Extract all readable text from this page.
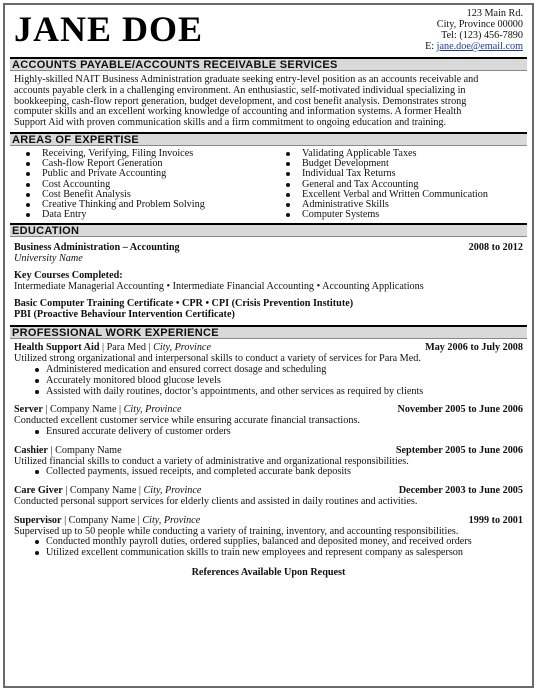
JANE DOE	123 Main Rd.
City, Province 00000
Tel: (123) 456-7890
E: jane.doe@email.com
ACCOUNTS PAYABLE/ACCOUNTS RECEIVABLE SERVICES
Highly-skilled NAIT Business Administration graduate seeking entry-level position as an accounts receivable and
accounts payable clerk in a challenging environment. An enthusiastic, self-motivated individual specializing in
bookkeeping, cash-flow report generation, budget development, and cost benefit analysis. Demonstrates strong
computer skills and an excellent working knowledge of accounting and information systems. A former Health
Support Aid with proven communication skills and a firm commitment to ongoing education and training.
AREAS OF EXPERTISE
Receiving, Verifying, Filing Invoices
Cash-flow Report Generation
Public and Private Accounting
Cost Accounting
Cost Benefit Analysis
Creative Thinking and Problem Solving
Data Entry
Validating Applicable Taxes
Budget Development
Individual Tax Returns
General and Tax Accounting
Excellent Verbal and Written Communication
Administrative Skills
Computer Systems
EDUCATION
Business Administration – Accounting	2008 to 2012
University Name
Key Courses Completed:
Intermediate Managerial Accounting • Intermediate Financial Accounting • Accounting Applications
Basic Computer Training Certificate • CPR • CPI (Crisis Prevention Institute)
PBI (Proactive Behaviour Intervention Certificate)
PROFESSIONAL WORK EXPERIENCE
Health Support Aid | Para Med | City, Province	May 2006 to July 2008
Utilized strong organizational and interpersonal skills to conduct a variety of services for Para Med.
Administered medication and ensured correct dosage and scheduling
Accurately monitored blood glucose levels
Assisted with daily routines, doctor’s appointments, and other services as required by clients
Server | Company Name | City, Province	November 2005 to June 2006
Conducted excellent customer service while ensuring accurate financial transactions.
Ensured accurate delivery of customer orders
Cashier | Company Name	September 2005 to June 2006
Utilized financial skills to conduct a variety of administrative and organizational responsibilities.
Collected payments, issued receipts, and completed accurate bank deposits
Care Giver | Company Name | City, Province	December 2003 to June 2005
Conducted personal support services for elderly clients and assisted in daily routines and activities.
Supervisor | Company Name | City, Province	1999 to 2001
Supervised up to 50 people while conducting a variety of training, inventory, and accounting responsibilities.
Conducted monthly payroll duties, ordered supplies, balanced and deposited money, and received orders
Utilized excellent communication skills to train new employees and represent company as salesperson
References Available Upon Request
